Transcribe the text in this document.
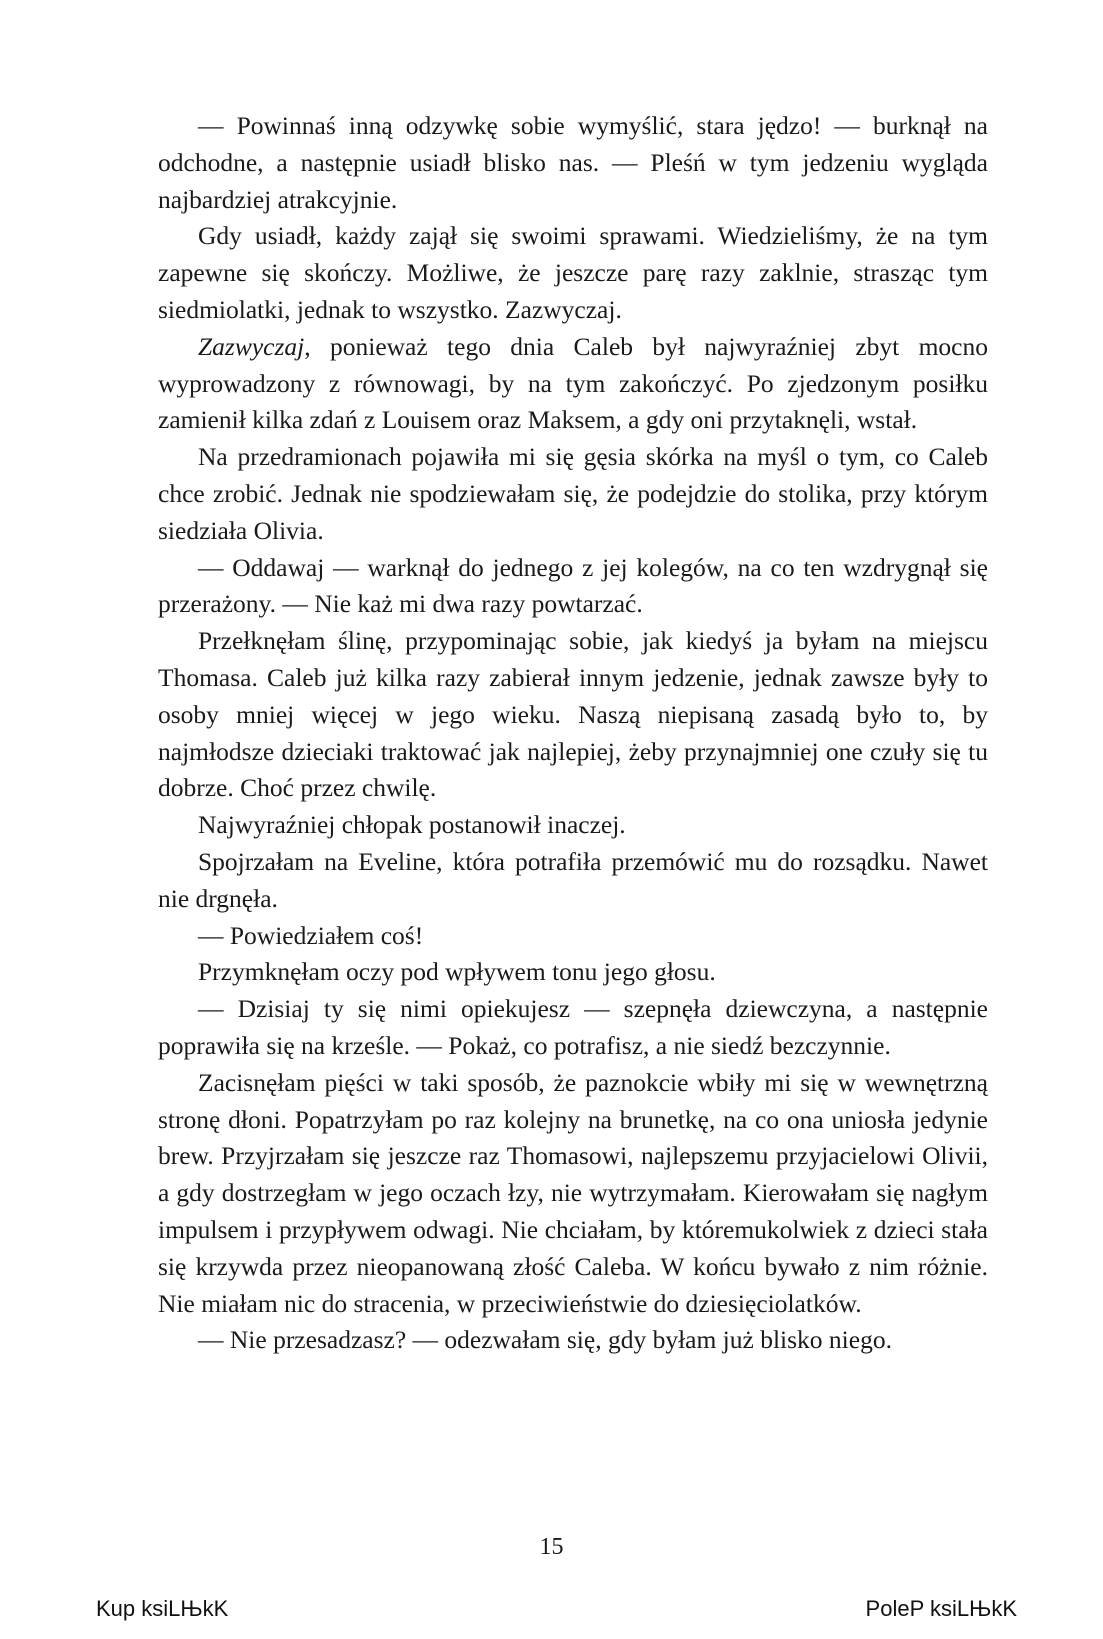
— Powinnaś inną odzywkę sobie wymyślić, stara jędzo! — burknął na odchodne, a następnie usiadł blisko nas. — Pleśń w tym jedzeniu wygląda najbardziej atrakcyjnie.

Gdy usiadł, każdy zajął się swoimi sprawami. Wiedzieliśmy, że na tym zapewne się skończy. Możliwe, że jeszcze parę razy zaklnie, strasząc tym siedmiolatki, jednak to wszystko. Zazwyczaj.

Zazwyczaj, ponieważ tego dnia Caleb był najwyraźniej zbyt mocno wyprowadzony z równowagi, by na tym zakończyć. Po zjedzonym posiłku zamienił kilka zdań z Louisem oraz Maksem, a gdy oni przytaknęli, wstał.

Na przedramionach pojawiła mi się gęsia skórka na myśl o tym, co Caleb chce zrobić. Jednak nie spodziewałam się, że podejdzie do stolika, przy którym siedziała Olivia.

— Oddawaj — warknął do jednego z jej kolegów, na co ten wzdrygnął się przerażony. — Nie każ mi dwa razy powtarzać.

Przełknęłam ślinę, przypominając sobie, jak kiedyś ja byłam na miejscu Thomasa. Caleb już kilka razy zabierał innym jedzenie, jednak zawsze były to osoby mniej więcej w jego wieku. Naszą niepisaną zasadą było to, by najmłodsze dzieciaki traktować jak najlepiej, żeby przynajmniej one czuły się tu dobrze. Choć przez chwilę.

Najwyraźniej chłopak postanowił inaczej.

Spojrzałam na Eveline, która potrafiła przemówić mu do rozsądku. Nawet nie drgnęła.

— Powiedziałem coś!

Przymknęłam oczy pod wpływem tonu jego głosu.

— Dzisiaj ty się nimi opiekujesz — szepnęła dziewczyna, a następnie poprawiła się na krześle. — Pokaż, co potrafisz, a nie siedź bezczynnie.

Zacisnęłam pięści w taki sposób, że paznokcie wbiły mi się w wewnętrzną stronę dłoni. Popatrzyłam po raz kolejny na brunetkę, na co ona uniosła jedynie brew. Przyjrzałam się jeszcze raz Thomasowi, najlepszemu przyjacielowi Olivii, a gdy dostrzegłam w jego oczach łzy, nie wytrzymałam. Kierowałam się nagłym impulsem i przypływem odwagi. Nie chciałam, by któremukolwiek z dzieci stała się krzywda przez nieopanowaną złość Caleba. W końcu bywało z nim różnie. Nie miałam nic do stracenia, w przeciwieństwie do dziesięciolatków.

— Nie przesadzasz? — odezwałam się, gdy byłam już blisko niego.

15
Kup ksiLЊkK	PoleP ksiLЊkK
